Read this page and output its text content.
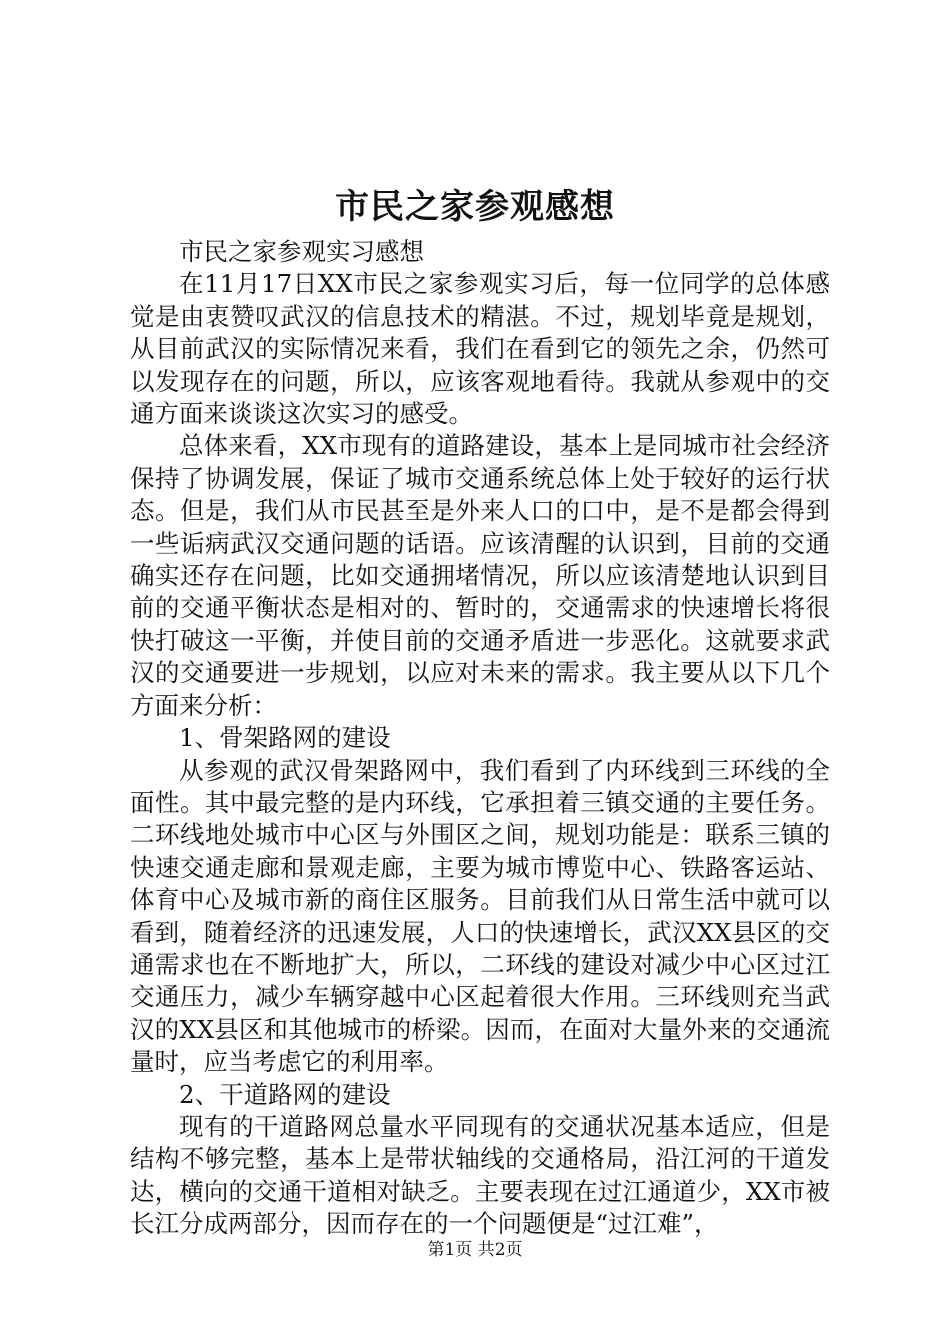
市民之家参观感想

市民之家参观实习感想

在11月17日XX市民之家参观实习后，每一位同学的总体感觉是由衷赞叹武汉的信息技术的精湛。不过，规划毕竟是规划，从目前武汉的实际情况来看，我们在看到它的领先之余，仍然可以发现存在的问题，所以，应该客观地看待。我就从参观中的交通方面来谈谈这次实习的感受。

总体来看，XX市现有的道路建设，基本上是同城市社会经济保持了协调发展，保证了城市交通系统总体上处于较好的运行状态。但是，我们从市民甚至是外来人口的口中，是不是都会得到一些诟病武汉交通问题的话语。应该清醒的认识到，目前的交通确实还存在问题，比如交通拥堵情况，所以应该清楚地认识到目前的交通平衡状态是相对的、暂时的，交通需求的快速增长将很快打破这一平衡，并使目前的交通矛盾进一步恶化。这就要求武汉的交通要进一步规划，以应对未来的需求。我主要从以下几个方面来分析：

1、骨架路网的建设

从参观的武汉骨架路网中，我们看到了内环线到三环线的全面性。其中最完整的是内环线，它承担着三镇交通的主要任务。二环线地处城市中心区与外围区之间，规划功能是：联系三镇的快速交通走廊和景观走廊，主要为城市博览中心、铁路客运站、体育中心及城市新的商住区服务。目前我们从日常生活中就可以看到，随着经济的迅速发展，人口的快速增长，武汉XX县区的交通需求也在不断地扩大，所以，二环线的建设对减少中心区过江交通压力，减少车辆穿越中心区起着很大作用。三环线则充当武汉的XX县区和其他城市的桥梁。因而，在面对大量外来的交通流量时，应当考虑它的利用率。

2、干道路网的建设

现有的干道路网总量水平同现有的交通状况基本适应，但是结构不够完整，基本上是带状轴线的交通格局，沿江河的干道发达，横向的交通干道相对缺乏。主要表现在过江通道少，XX市被长江分成两部分，因而存在的一个问题便是“过江难”，

第1页 共2页
